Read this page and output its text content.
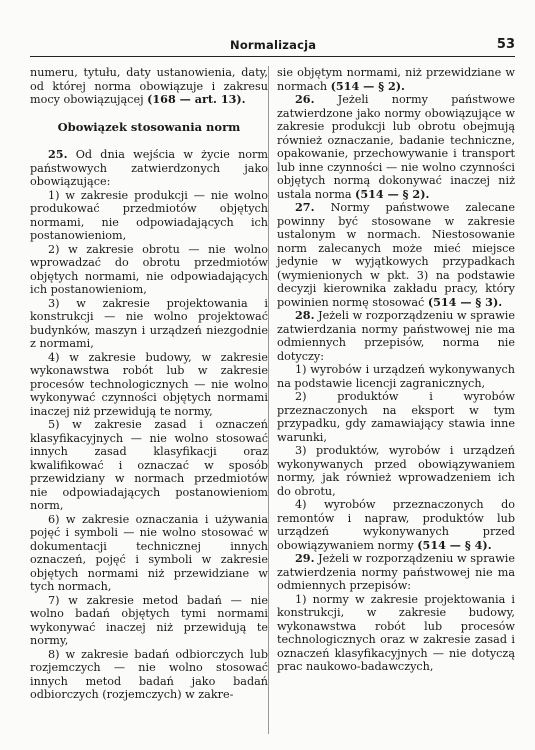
Normalizacja	53

numeru, tytułu, daty ustanowienia, daty, od której norma obowiązuje i zakresu mocy obowiązującej (168 — art. 13).

Obowiązek stosowania norm

25. Od dnia wejścia w życie norm państwowych zatwierdzonych jako obowiązujące:

1) w zakresie produkcji — nie wolno produkować przedmiotów objętych normami, nie odpowiadających ich postanowieniom,

2) w zakresie obrotu — nie wolno wprowadzać do obrotu przedmiotów objętych normami, nie odpowiadających ich postanowieniom,

3) w zakresie projektowania i konstrukcji — nie wolno projektować budynków, maszyn i urządzeń niezgodnie z normami,

4) w zakresie budowy, w zakresie wykonawstwa robót lub w zakresie procesów technologicznych — nie wolno wykonywać czynności objętych normami inaczej niż przewidują te normy,

5) w zakresie zasad i oznaczeń klasyfikacyjnych — nie wolno stosować innych zasad klasyfikacji oraz kwalifikować i oznaczać w sposób przewidziany w normach przedmiotów nie odpowiadających postanowieniom norm,

6) w zakresie oznaczania i używania pojęć i symboli — nie wolno stosować w dokumentacji technicznej innych oznaczeń, pojęć i symboli w zakresie objętych normami niż przewidziane w tych normach,

7) w zakresie metod badań — nie wolno badań objętych tymi normami wykonywać inaczej niż przewidują te normy,

8) w zakresie badań odbiorczych lub rozjemczych — nie wolno stosować innych metod badań jako badań odbiorczych (rozjemczych) w zakre-

sie objętym normami, niż przewidziane w normach (514 — § 2).

26. Jeżeli normy państwowe zatwierdzone jako normy obowiązujące w zakresie produkcji lub obrotu obejmują również oznaczanie, badanie techniczne, opakowanie, przechowywanie i transport lub inne czynności — nie wolno czynności objętych normą dokonywać inaczej niż ustala norma (514 — § 2).

27. Normy państwowe zalecane powinny być stosowane w zakresie ustalonym w normach. Niestosowanie norm zalecanych może mieć miejsce jedynie w wyjątkowych przypadkach (wymienionych w pkt. 3) na podstawie decyzji kierownika zakładu pracy, który powinien normę stosować (514 — § 3).

28. Jeżeli w rozporządzeniu w sprawie zatwierdzania normy państwowej nie ma odmiennych przepisów, norma nie dotyczy:

1) wyrobów i urządzeń wykonywanych na podstawie licencji zagranicznych,

2) produktów i wyrobów przeznaczonych na eksport w tym przypadku, gdy zamawiający stawia inne warunki,

3) produktów, wyrobów i urządzeń wykonywanych przed obowiązywaniem normy, jak również wprowadzeniem ich do obrotu,

4) wyrobów przeznaczonych do remontów i napraw, produktów lub urządzeń wykonywanych przed obowiązywaniem normy (514 — § 4).

29. Jeżeli w rozporządzeniu w sprawie zatwierdzenia normy państwowej nie ma odmiennych przepisów:

1) normy w zakresie projektowania i konstrukcji, w zakresie budowy, wykonawstwa robót lub procesów technologicznych oraz w zakresie zasad i oznaczeń klasyfikacyjnych — nie dotyczą prac naukowo-badawczych,
